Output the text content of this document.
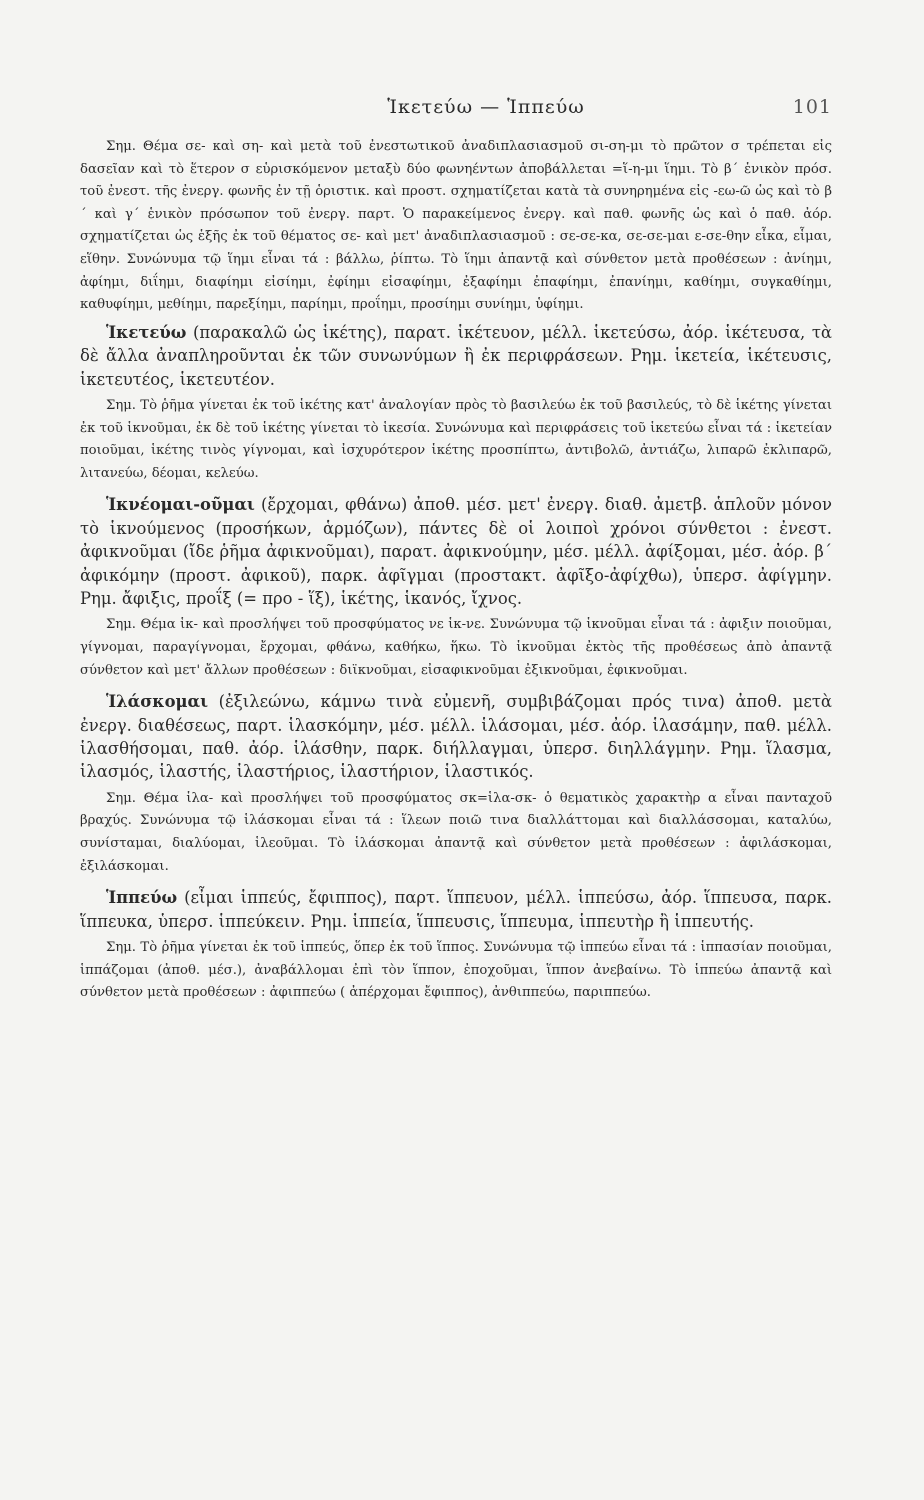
Ἱκετεύω — Ἱππεύω	101

Σημ. Θέμα σε- καὶ ση- καὶ μετὰ τοῦ ἐνεστωτικοῦ ἀναδιπλασιασμοῦ σι-ση-μι τὸ πρῶτον σ τρέπεται εἰς δασεῖαν καὶ τὸ ἕτερον σ εὑρισκόμενον μεταξὺ δύο φωνηέντων ἀποβάλλεται =ἵ-η-μι ἵημι. Τὸ β´ ἑνικὸν πρόσ. τοῦ ἐνεστ. τῆς ἐνεργ. φωνῆς ἐν τῇ ὁριστικ. καὶ προστ. σχηματίζεται κατὰ τὰ συνηρημένα εἰς -εω-ῶ ὡς καὶ τὸ β´ καὶ γ´ ἑνικὸν πρόσωπον τοῦ ἐνεργ. παρτ. Ὁ παρακείμενος ἐνεργ. καὶ παθ. φωνῆς ὡς καὶ ὁ παθ. ἀόρ. σχηματίζεται ὡς ἑξῆς ἐκ τοῦ θέματος σε- καὶ μετ' ἀναδιπλασιασμοῦ : σε-σε-κα, σε-σε-μαι ε-σε-θην εἶκα, εἷμαι, εἵθην. Συνώνυμα τῷ ἵημι εἶναι τά : βάλλω, ῥίπτω. Τὸ ἵημι ἀπαντᾷ καὶ σύνθετον μετὰ προθέσεων : ἀνίημι, ἀφίημι, διΐημι, διαφίημι εἰσίημι, ἐφίημι εἰσαφίημι, ἐξαφίημι ἐπαφίημι, ἐπανίημι, καθίημι, συγκαθίημι, καθυφίημι, μεθίημι, παρεξίημι, παρίημι, προΐημι, προσίημι συνίημι, ὑφίημι.

Ἱκετεύω (παρακαλῶ ὡς ἱκέτης), παρατ. ἱκέτευον, μέλλ. ἱκετεύσω, ἀόρ. ἱκέτευσα, τὰ δὲ ἄλλα ἀναπληροῦνται ἐκ τῶν συνωνύμων ἢ ἐκ περιφράσεων. Ρημ. ἱκετεία, ἱκέτευσις, ἱκετευτέος, ἱκετευτέον.

Σημ. Τὸ ῥῆμα γίνεται ἐκ τοῦ ἱκέτης κατ' ἀναλογίαν πρὸς τὸ βασιλεύω ἐκ τοῦ βασιλεύς, τὸ δὲ ἱκέτης γίνεται ἐκ τοῦ ἱκνοῦμαι, ἐκ δὲ τοῦ ἱκέτης γίνεται τὸ ἱκεσία. Συνώνυμα καὶ περιφράσεις τοῦ ἱκετεύω εἶναι τά : ἱκετείαν ποιοῦμαι, ἱκέτης τινὸς γίγνομαι, καὶ ἰσχυρότερον ἱκέτης προσπίπτω, ἀντιβολῶ, ἀντιάζω, λιπαρῶ ἐκλιπαρῶ, λιτανεύω, δέομαι, κελεύω.

Ἱκνέομαι-οῦμαι (ἔρχομαι, φθάνω) ἀποθ. μέσ. μετ' ἐνεργ. διαθ. ἀμετβ. ἁπλοῦν μόνον τὸ ἱκνούμενος (προσήκων, ἁρμόζων), πάντες δὲ οἱ λοιποὶ χρόνοι σύνθετοι : ἐνεστ. ἀφικνοῦμαι (ἴδε ῥῆμα ἀφικνοῦμαι), παρατ. ἀφικνούμην, μέσ. μέλλ. ἀφίξομαι, μέσ. ἀόρ. β´ ἀφικόμην (προστ. ἀφικοῦ), παρκ. ἀφῖγμαι (προστακτ. ἀφῖξο-ἀφίχθω), ὑπερσ. ἀφίγμην. Ρημ. ἄφιξις, προΐξ (= προ - ἵξ), ἱκέτης, ἱκανός, ἴχνος.

Σημ. Θέμα ἱκ- καὶ προσλήψει τοῦ προσφύματος νε ἱκ-νε. Συνώνυμα τῷ ἱκνοῦμαι εἶναι τά : ἀφιξιν ποιοῦμαι, γίγνομαι, παραγίγνομαι, ἔρχομαι, φθάνω, καθήκω, ἥκω. Τὸ ἱκνοῦμαι ἐκτὸς τῆς προθέσεως ἀπὸ ἀπαντᾷ σύνθετον καὶ μετ' ἄλλων προθέσεων : διϊκνοῦμαι, εἰσαφικνοῦμαι ἐξικνοῦμαι, ἐφικνοῦμαι.

Ἱλάσκομαι (ἐξιλεώνω, κάμνω τινὰ εὐμενῆ, συμβιβάζομαι πρός τινα) ἀποθ. μετὰ ἐνεργ. διαθέσεως, παρτ. ἱλασκόμην, μέσ. μέλλ. ἱλάσομαι, μέσ. ἀόρ. ἱλασάμην, παθ. μέλλ. ἱλασθήσομαι, παθ. ἀόρ. ἱλάσθην, παρκ. διήλλαγμαι, ὑπερσ. διηλλάγμην. Ρημ. ἵλασμα, ἱλασμός, ἱλαστής, ἱλαστήριος, ἱλαστήριον, ἱλαστικός.

Σημ. Θέμα ἱλα- καὶ προσλήψει τοῦ προσφύματος σκ=ἱλα-σκ- ὁ θεματικὸς χαρακτὴρ α εἶναι πανταχοῦ βραχύς. Συνώνυμα τῷ ἱλάσκομαι εἶναι τά : ἵλεων ποιῶ τινα διαλλάττομαι καὶ διαλλάσσομαι, καταλύω, συνίσταμαι, διαλύομαι, ἱλεοῦμαι. Τὸ ἱλάσκομαι ἀπαντᾷ καὶ σύνθετον μετὰ προθέσεων : ἀφιλάσκομαι, ἐξιλάσκομαι.

Ἱππεύω (εἶμαι ἱππεύς, ἔφιππος), παρτ. ἵππευον, μέλλ. ἱππεύσω, ἀόρ. ἵππευσα, παρκ. ἵππευκα, ὑπερσ. ἱππεύκειν. Ρημ. ἱππεία, ἵππευσις, ἵππευμα, ἱππευτὴρ ἢ ἱππευτής.

Σημ. Τὸ ῥῆμα γίνεται ἐκ τοῦ ἱππεύς, ὅπερ ἐκ τοῦ ἵππος. Συνώνυμα τῷ ἱππεύω εἶναι τά : ἱππασίαν ποιοῦμαι, ἱππάζομαι (ἀποθ. μέσ.), ἀναβάλλομαι ἐπὶ τὸν ἵππον, ἐποχοῦμαι, ἵππον ἀνεβαίνω. Τὸ ἱππεύω ἀπαντᾷ καὶ σύνθετον μετὰ προθέσεων : ἀφιππεύω ( ἀπέρχομαι ἔφιππος), ἀνθιππεύω, παριππεύω.
